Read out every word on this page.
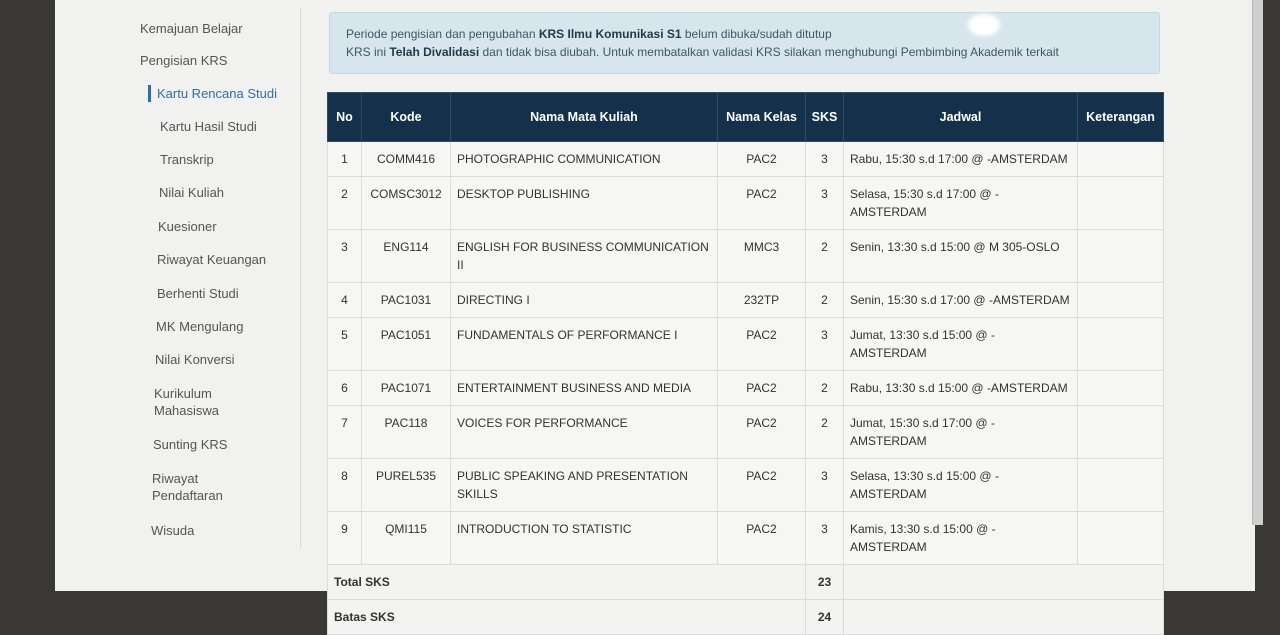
Kemajuan Belajar
Pengisian KRS
Kartu Rencana Studi
Kartu Hasil Studi
Transkrip
Nilai Kuliah
Kuesioner
Riwayat Keuangan
Berhenti Studi
MK Mengulang
Nilai Konversi
Kurikulum Mahasiswa
Sunting KRS
Riwayat Pendaftaran
Wisuda
Periode pengisian dan pengubahan KRS Ilmu Komunikasi S1 belum dibuka/sudah ditutup
KRS ini Telah Divalidasi dan tidak bisa diubah. Untuk membatalkan validasi KRS silakan menghubungi Pembimbing Akademik terkait
No	Kode	Nama Mata Kuliah	Nama Kelas	SKS	Jadwal	Keterangan
1	COMM416	PHOTOGRAPHIC COMMUNICATION	PAC2	3	Rabu, 15:30 s.d 17:00 @ -AMSTERDAM	
2	COMSC3012	DESKTOP PUBLISHING	PAC2	3	Selasa, 15:30 s.d 17:00 @ -AMSTERDAM	
3	ENG114	ENGLISH FOR BUSINESS COMMUNICATION II	MMC3	2	Senin, 13:30 s.d 15:00 @ M 305-OSLO	
4	PAC1031	DIRECTING I	232TP	2	Senin, 15:30 s.d 17:00 @ -AMSTERDAM	
5	PAC1051	FUNDAMENTALS OF PERFORMANCE I	PAC2	3	Jumat, 13:30 s.d 15:00 @ -AMSTERDAM	
6	PAC1071	ENTERTAINMENT BUSINESS AND MEDIA	PAC2	2	Rabu, 13:30 s.d 15:00 @ -AMSTERDAM	
7	PAC118	VOICES FOR PERFORMANCE	PAC2	2	Jumat, 15:30 s.d 17:00 @ -AMSTERDAM	
8	PUREL535	PUBLIC SPEAKING AND PRESENTATION SKILLS	PAC2	3	Selasa, 13:30 s.d 15:00 @ -AMSTERDAM	
9	QMI115	INTRODUCTION TO STATISTIC	PAC2	3	Kamis, 13:30 s.d 15:00 @ -AMSTERDAM	
Total SKS				23		
Batas SKS				24		
